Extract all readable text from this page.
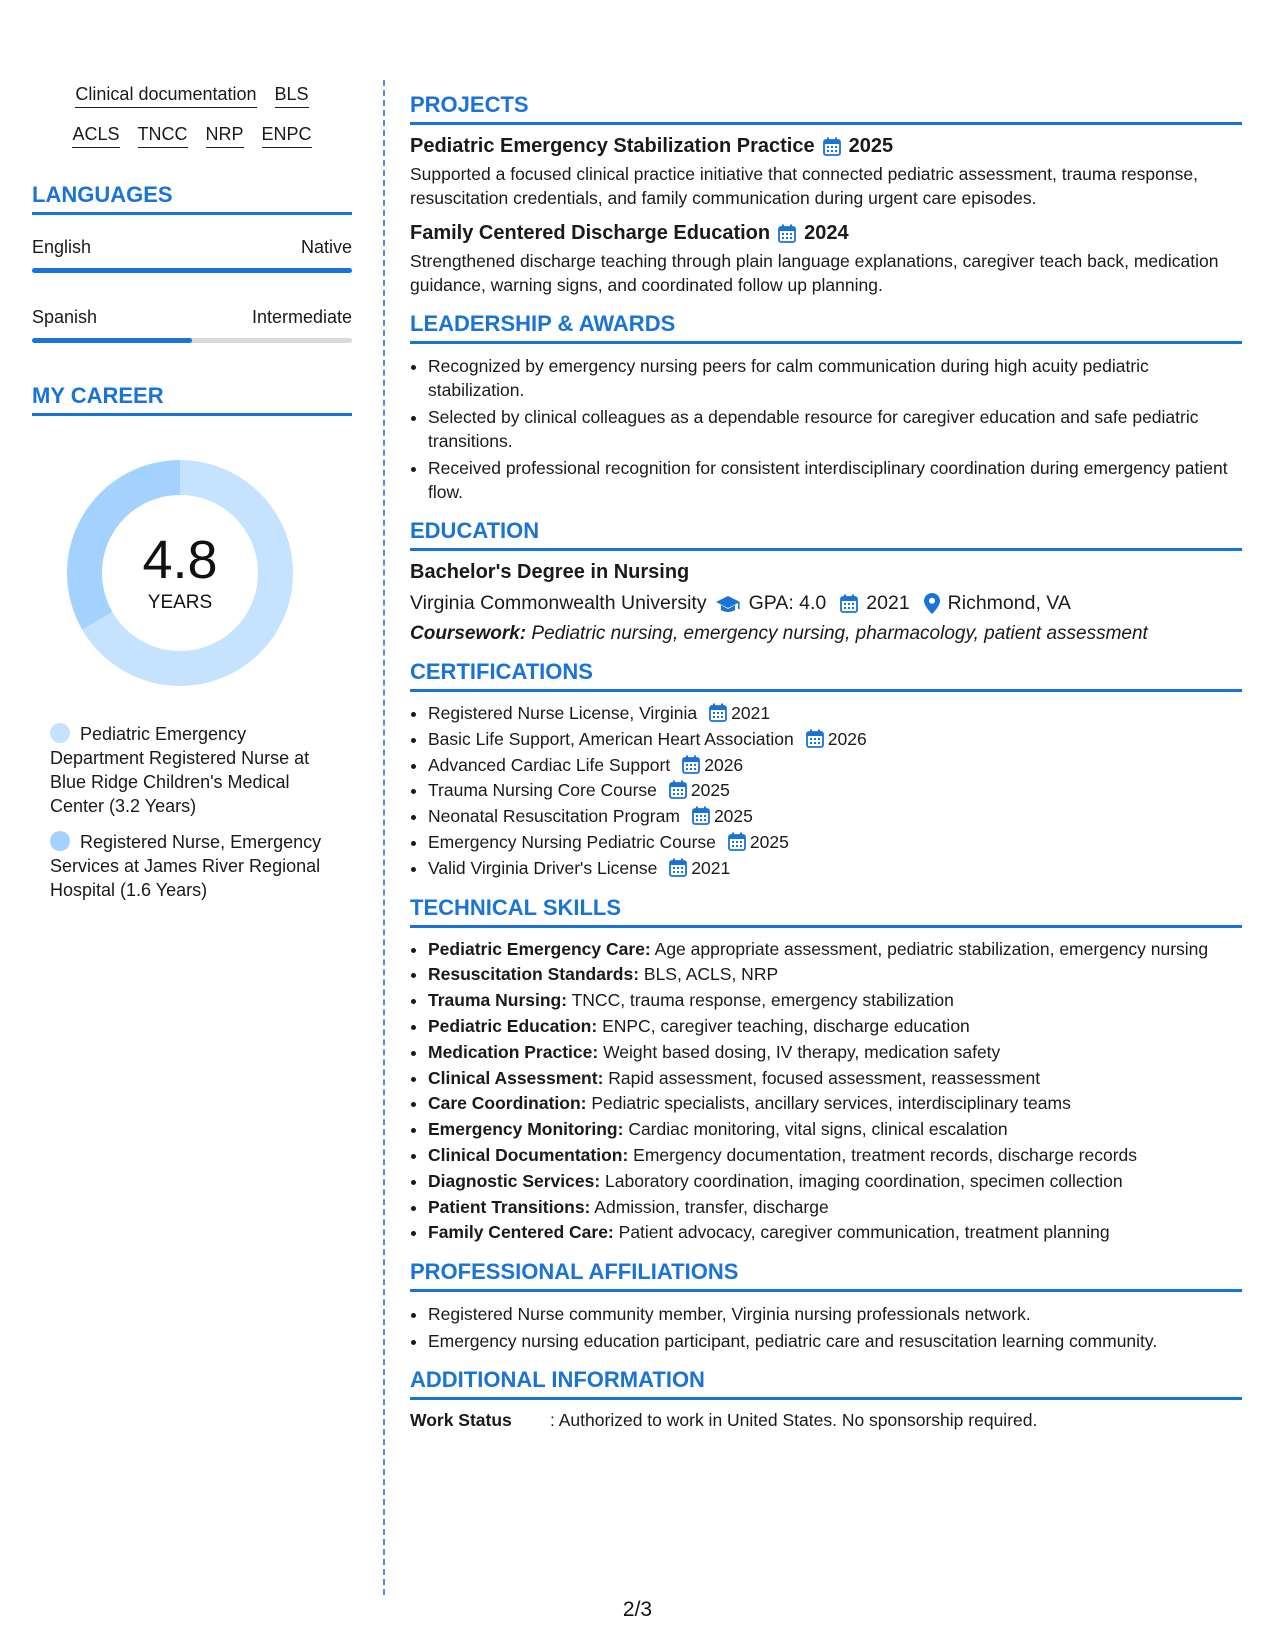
Clinical documentation BLS
ACLS TNCC NRP ENPC
LANGUAGES
English	Native
Spanish	Intermediate
MY CAREER
4.8
YEARS
Pediatric Emergency Department Registered Nurse at Blue Ridge Children's Medical Center (3.2 Years)
Registered Nurse, Emergency Services at James River Regional Hospital (1.6 Years)
PROJECTS
Pediatric Emergency Stabilization Practice 2025
Supported a focused clinical practice initiative that connected pediatric assessment, trauma response, resuscitation credentials, and family communication during urgent care episodes.
Family Centered Discharge Education 2024
Strengthened discharge teaching through plain language explanations, caregiver teach back, medication guidance, warning signs, and coordinated follow up planning.
LEADERSHIP & AWARDS
• Recognized by emergency nursing peers for calm communication during high acuity pediatric stabilization.
• Selected by clinical colleagues as a dependable resource for caregiver education and safe pediatric transitions.
• Received professional recognition for consistent interdisciplinary coordination during emergency patient flow.
EDUCATION
Bachelor's Degree in Nursing
Virginia Commonwealth University GPA: 4.0 2021 Richmond, VA
Coursework: Pediatric nursing, emergency nursing, pharmacology, patient assessment
CERTIFICATIONS
• Registered Nurse License, Virginia 2021
• Basic Life Support, American Heart Association 2026
• Advanced Cardiac Life Support 2026
• Trauma Nursing Core Course 2025
• Neonatal Resuscitation Program 2025
• Emergency Nursing Pediatric Course 2025
• Valid Virginia Driver's License 2021
TECHNICAL SKILLS
• Pediatric Emergency Care: Age appropriate assessment, pediatric stabilization, emergency nursing
• Resuscitation Standards: BLS, ACLS, NRP
• Trauma Nursing: TNCC, trauma response, emergency stabilization
• Pediatric Education: ENPC, caregiver teaching, discharge education
• Medication Practice: Weight based dosing, IV therapy, medication safety
• Clinical Assessment: Rapid assessment, focused assessment, reassessment
• Care Coordination: Pediatric specialists, ancillary services, interdisciplinary teams
• Emergency Monitoring: Cardiac monitoring, vital signs, clinical escalation
• Clinical Documentation: Emergency documentation, treatment records, discharge records
• Diagnostic Services: Laboratory coordination, imaging coordination, specimen collection
• Patient Transitions: Admission, transfer, discharge
• Family Centered Care: Patient advocacy, caregiver communication, treatment planning
PROFESSIONAL AFFILIATIONS
• Registered Nurse community member, Virginia nursing professionals network.
• Emergency nursing education participant, pediatric care and resuscitation learning community.
ADDITIONAL INFORMATION
Work Status	: Authorized to work in United States. No sponsorship required.
2/3
